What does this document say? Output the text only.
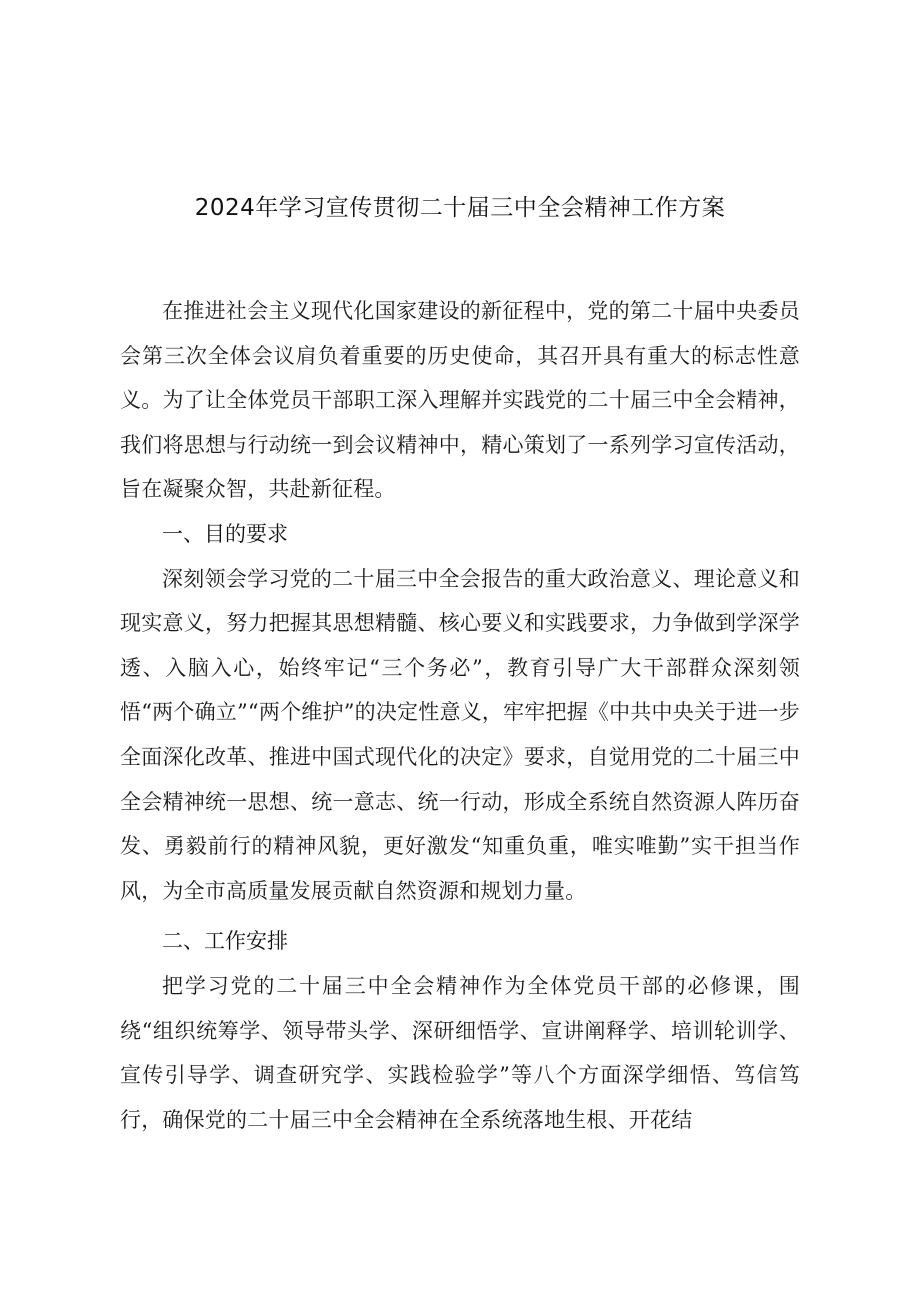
2024年学习宣传贯彻二十届三中全会精神工作方案

在推进社会主义现代化国家建设的新征程中，党的第二十届中央委员会第三次全体会议肩负着重要的历史使命，其召开具有重大的标志性意义。为了让全体党员干部职工深入理解并实践党的二十届三中全会精神，我们将思想与行动统一到会议精神中，精心策划了一系列学习宣传活动，旨在凝聚众智，共赴新征程。

一、目的要求

深刻领会学习党的二十届三中全会报告的重大政治意义、理论意义和现实意义，努力把握其思想精髓、核心要义和实践要求，力争做到学深学透、入脑入心，始终牢记“三个务必”，教育引导广大干部群众深刻领悟“两个确立”“两个维护”的决定性意义，牢牢把握《中共中央关于进一步全面深化改革、推进中国式现代化的决定》要求，自觉用党的二十届三中全会精神统一思想、统一意志、统一行动，形成全系统自然资源人阵历奋发、勇毅前行的精神风貌，更好激发“知重负重，唯实唯勤”实干担当作风，为全市高质量发展贡献自然资源和规划力量。

二、工作安排

把学习党的二十届三中全会精神作为全体党员干部的必修课，围绕“组织统筹学、领导带头学、深研细悟学、宣讲阐释学、培训轮训学、宣传引导学、调查研究学、实践检验学”等八个方面深学细悟、笃信笃行，确保党的二十届三中全会精神在全系统落地生根、开花结
